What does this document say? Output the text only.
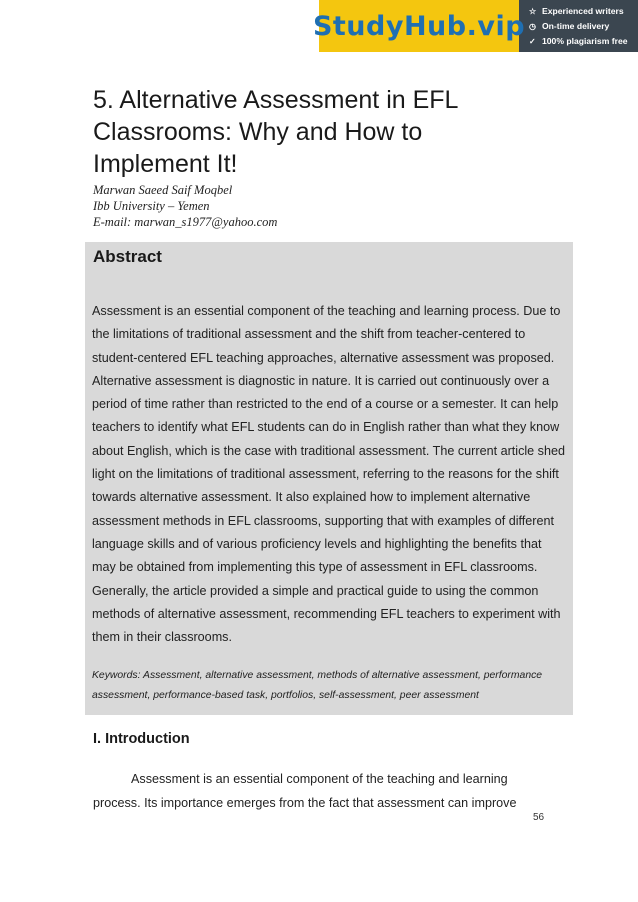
StudyHub.vip ☆ Experienced writers
◷ On-time delivery
✓ 100% plagiarism free
5. Alternative Assessment in EFL
Classrooms: Why and How to
Implement It!
Marwan Saeed Saif Moqbel
Ibb University – Yemen
E-mail: marwan_s1977@yahoo.com
Abstract
Assessment is an essential component of the teaching and learning process. Due to
the limitations of traditional assessment and the shift from teacher-centered to
student-centered EFL teaching approaches, alternative assessment was proposed.
Alternative assessment is diagnostic in nature. It is carried out continuously over a
period of time rather than restricted to the end of a course or a semester. It can help
teachers to identify what EFL students can do in English rather than what they know
about English, which is the case with traditional assessment. The current article shed
light on the limitations of traditional assessment, referring to the reasons for the shift
towards alternative assessment. It also explained how to implement alternative
assessment methods in EFL classrooms, supporting that with examples of different
language skills and of various proficiency levels and highlighting the benefits that
may be obtained from implementing this type of assessment in EFL classrooms.
Generally, the article provided a simple and practical guide to using the common
methods of alternative assessment, recommending EFL teachers to experiment with
them in their classrooms.
Keywords: Assessment, alternative assessment, methods of alternative assessment, performance
assessment, performance-based task, portfolios, self-assessment, peer assessment
I. Introduction
Assessment is an essential component of the teaching and learning
process. Its importance emerges from the fact that assessment can improve
56
